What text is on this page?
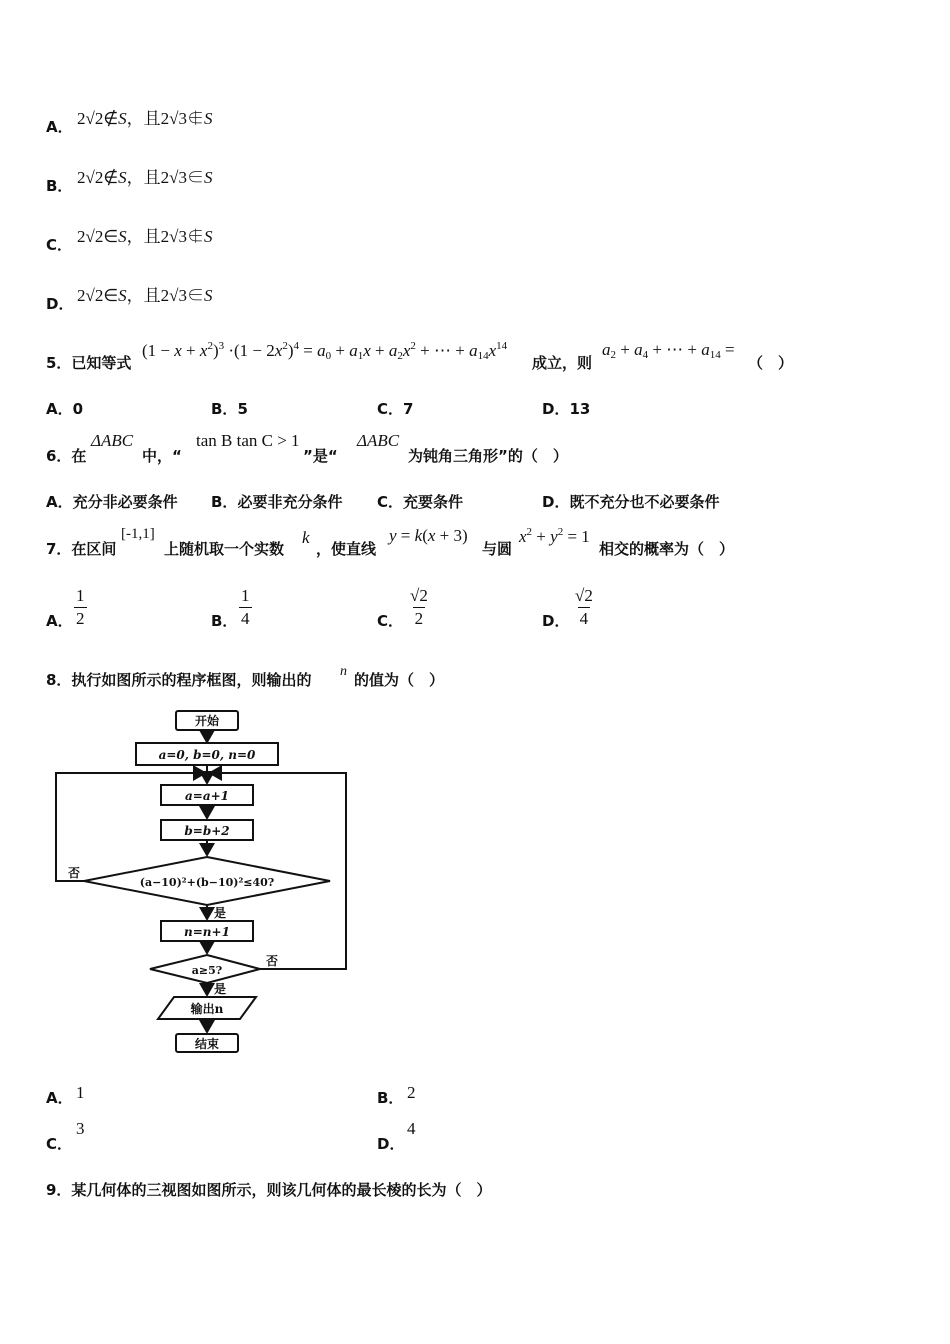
A． 2√2∉S，且2√3∉S
B． 2√2∉S，且2√3∈S
C． 2√2∈S，且2√3∉S
D． 2√2∈S，且2√3∈S
5．已知等式
$(1 - x + x^2)^3 \cdot(1 - 2x^2)^4 = a_0 + a_1x + a_2x^2$ + ⋯ + $a_{14}x^{14}$
成立，则
$a_2 + a_4$ + ⋯ + $a_{14}$ =
（　）
A．0	B．5	C．7	D．13
6．在
ΔABC
中，“
tan B tan C > 1
”是“
ΔABC
为钝角三角形”的（　）
A．充分非必要条件 B．必要非充分条件 C．充要条件	D．既不充分也不必要条件
7．在区间
[-1,1]
上随机取一个实数
k
，使直线
y = k(x + 3)
与圆
$x^2 + y^2 = 1$
相交的概率为（　）
A． $\frac{1}{2}$	B． $\frac{1}{4}$	C． $\frac{√2}{2}$	D． $\frac{√2}{4}$
8．执行如图所示的程序框图，则输出的 n 的值为（　）
开始
a=0, b=0, n=0
a=a+1
b=b+2
(a−10)²+(b−10)²≤40?
否
是
n=n+1
a≥5?
否
是
输出n
结束
A． 1	B． 2
C．
3
D．
4
9．某几何体的三视图如图所示，则该几何体的最长棱的长为（　）
